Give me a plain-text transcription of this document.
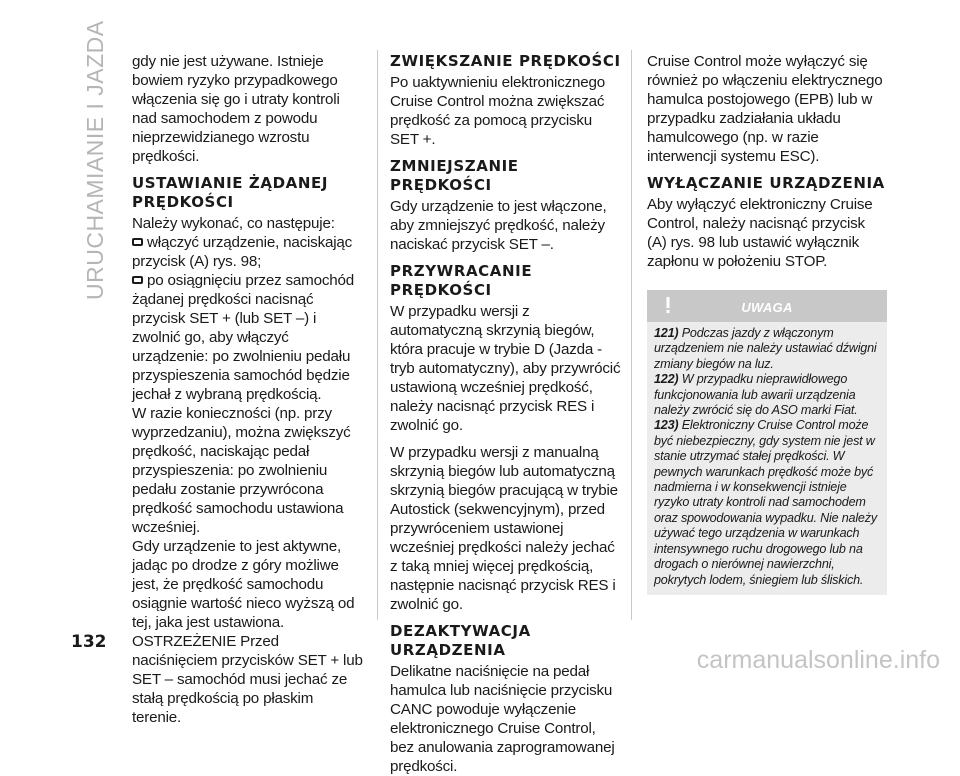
URUCHAMIANIE I JAZDA gdy nie jest używane. Istnieje bowiem ryzyko przypadkowego włączenia się go i utraty kontroli nad samochodem z powodu nieprzewidzianego wzrostu prędkości.

USTAWIANIE ŻĄDANEJ PRĘDKOŚCI

Należy wykonać, co następuje:

włączyć urządzenie, naciskając przycisk (A) rys. 98;

po osiągnięciu przez samochód żądanej prędkości nacisnąć przycisk SET + (lub SET –) i zwolnić go, aby włączyć urządzenie: po zwolnieniu pedału przyspieszenia samochód będzie jechał z wybraną prędkością.

W razie konieczności (np. przy wyprzedzaniu), można zwiększyć prędkość, naciskając pedał przyspieszenia: po zwolnieniu pedału zostanie przywrócona prędkość samochodu ustawiona wcześniej.

Gdy urządzenie to jest aktywne, jadąc po drodze z góry możliwe jest, że prędkość samochodu osiągnie wartość nieco wyższą od tej, jaka jest ustawiona.

OSTRZEŻENIE Przed naciśnięciem przycisków SET + lub SET – samochód musi jechać ze stałą prędkością po płaskim terenie.

ZWIĘKSZANIE PRĘDKOŚCI

Po uaktywnieniu elektronicznego Cruise Control można zwiększać prędkość za pomocą przycisku SET +.

ZMNIEJSZANIE PRĘDKOŚCI

Gdy urządzenie to jest włączone, aby zmniejszyć prędkość, należy naciskać przycisk SET –.

PRZYWRACANIE PRĘDKOŚCI

W przypadku wersji z automatyczną skrzynią biegów, która pracuje w trybie D (Jazda - tryb automatyczny), aby przywrócić ustawioną wcześniej prędkość, należy nacisnąć przycisk RES i zwolnić go.

W przypadku wersji z manualną skrzynią biegów lub automatyczną skrzynią biegów pracującą w trybie Autostick (sekwencyjnym), przed przywróceniem ustawionej wcześniej prędkości należy jechać z taką mniej więcej prędkością, następnie nacisnąć przycisk RES i zwolnić go.

DEZAKTYWACJA URZĄDZENIA

Delikatne naciśnięcie na pedał hamulca lub naciśnięcie przycisku CANC powoduje wyłączenie elektronicznego Cruise Control, bez anulowania zaprogramowanej prędkości.

Cruise Control może wyłączyć się również po włączeniu elektrycznego hamulca postojowego (EPB) lub w przypadku zadziałania układu hamulcowego (np. w razie interwencji systemu ESC).

WYŁĄCZANIE URZĄDZENIA

Aby wyłączyć elektroniczny Cruise Control, należy nacisnąć przycisk (A) rys. 98 lub ustawić wyłącznik zapłonu w położeniu STOP.

UWAGA

121) Podczas jazdy z włączonym urządzeniem nie należy ustawiać dźwigni zmiany biegów na luz.

122) W przypadku nieprawidłowego funkcjonowania lub awarii urządzenia należy zwrócić się do ASO marki Fiat.

123) Elektroniczny Cruise Control może być niebezpieczny, gdy system nie jest w stanie utrzymać stałej prędkości. W pewnych warunkach prędkość może być nadmierna i w konsekwencji istnieje ryzyko utraty kontroli nad samochodem oraz spowodowania wypadku. Nie należy używać tego urządzenia w warunkach intensywnego ruchu drogowego lub na drogach o nierównej nawierzchni, pokrytych lodem, śniegiem lub śliskich.

132
carmanualsonline.info
